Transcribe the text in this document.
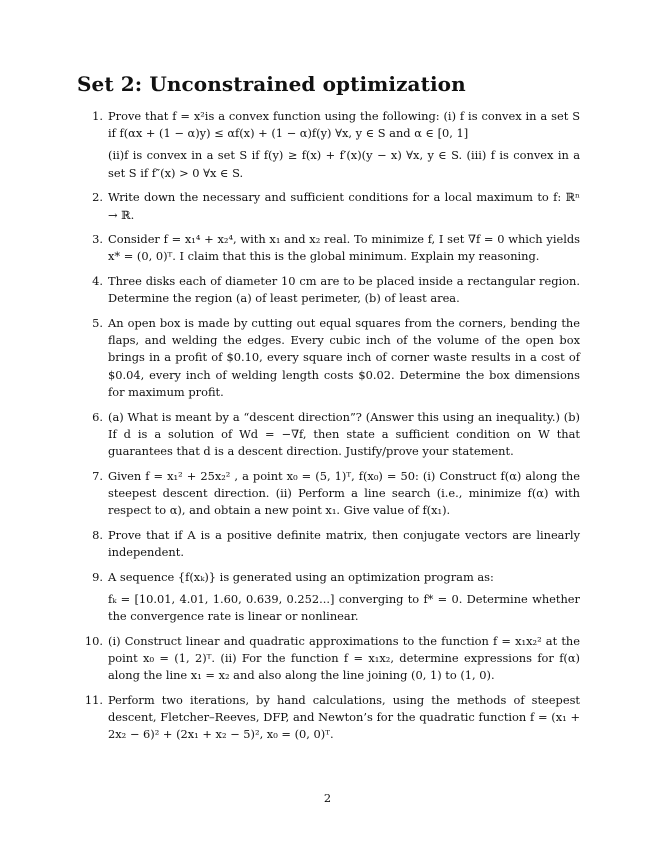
Set 2: Unconstrained optimization
1. Prove that f = x²is a convex function using the following: (i) f is convex in a set S if f(αx + (1 − α)y) ≤ αf(x) + (1 − α)f(y) ∀x, y ∈ S and α ∈ [0, 1]
(ii)f is convex in a set S if f(y) ≥ f(x) + f′(x)(y − x) ∀x, y ∈ S. (iii) f is convex in a set S if f″(x) > 0 ∀x ∈ S.
2. Write down the necessary and sufficient conditions for a local maximum to f: ℝⁿ → ℝ.
3. Consider f = x₁⁴ + x₂⁴, with x₁ and x₂ real. To minimize f, I set ∇f = 0 which yields x* = (0, 0)ᵀ. I claim that this is the global minimum. Explain my reasoning.
4. Three disks each of diameter 10 cm are to be placed inside a rectangular region. Determine the region (a) of least perimeter, (b) of least area.
5. An open box is made by cutting out equal squares from the corners, bending the flaps, and welding the edges. Every cubic inch of the volume of the open box brings in a profit of $0.10, every square inch of corner waste results in a cost of $0.04, every inch of welding length costs $0.02. Determine the box dimensions for maximum profit.
6. (a) What is meant by a “descent direction”? (Answer this using an inequality.) (b) If d is a solution of Wd = −∇f, then state a sufficient condition on W that guarantees that d is a descent direction. Justify/prove your statement.
7. Given f = x₁² + 25x₂² , a point x₀ = (5, 1)ᵀ, f(x₀) = 50: (i) Construct f(α) along the steepest descent direction. (ii) Perform a line search (i.e., minimize f(α) with respect to α), and obtain a new point x₁. Give value of f(x₁).
8. Prove that if A is a positive definite matrix, then conjugate vectors are linearly independent.
9. A sequence {f(xₖ)} is generated using an optimization program as:
fₖ = [10.01, 4.01, 1.60, 0.639, 0.252...] converging to f* = 0. Determine whether the convergence rate is linear or nonlinear.
10. (i) Construct linear and quadratic approximations to the function f = x₁x₂² at the point x₀ = (1, 2)ᵀ. (ii) For the function f = x₁x₂, determine expressions for f(α) along the line x₁ = x₂ and also along the line joining (0, 1) to (1, 0).
11. Perform two iterations, by hand calculations, using the methods of steepest descent, Fletcher–Reeves, DFP, and Newton’s for the quadratic function f = (x₁ + 2x₂ − 6)² + (2x₁ + x₂ − 5)², x₀ = (0, 0)ᵀ.
2
